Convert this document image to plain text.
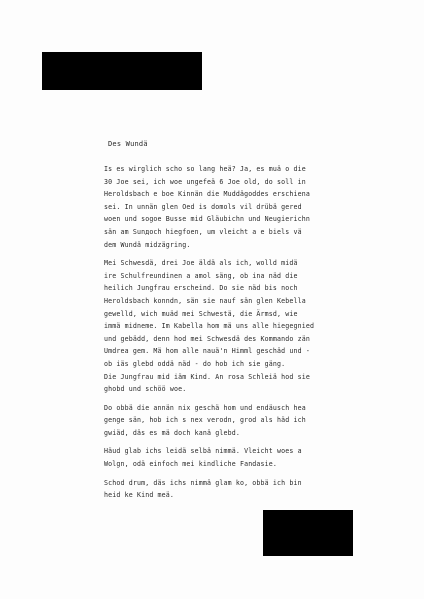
Des Wundä
Is es wirglich scho so lang heä? Ja, es muä o die
30 Joe sei, ich woe ungefeä 6 Joe old, do soll in
Heroldsbach e boe Kinnän die Muddägoddes erschiena
sei. In unnän glen Oed is domols vil drübä gered
woen und sogoe Busse mid Gläubichn und Neugierichn
sän am Sunдoch hiegfoen, um vleicht a e biels vä
dem Wundä midzägring.
Mei Schwesdä, drei Joe äldä als ich, wolld midä
ire Schulfreundinen a amol säng, ob ina näd die
heilich Jungfrau erscheind. Do sie näd bis noch
Heroldsbach konndn, sän sie nauf sän glen Kebella
gewelld, wich muäd mei Schwestä, die Ärmsd, wie
immä midneme. Im Kabella hom mä uns alle hiegegnied
und gebädd, denn hod mei Schwesdä des Kommando zän
Umdrea gem. Mä hom alle nauä'n Himml geschäd und -
ob iäs glebd oddä näd - do hob ich sie gäng.
Die Jungfrau mid iäm Kind. An rosa Schleiä hod sie
ghobd und schöö woe.
Do obbä die annän nix geschä hom und endäusch hea
genge sän, hob ich s nex verodn, grod als häd ich
gwiäd, däs es mä doch kanä glebd.
Häud glab ichs leidä selbä nimmä. Vleicht woes a
Wolgn, odä einfoch mei kindliche Fandasie.
Schod drum, däs ichs nimmä glam ko, obbä ich bin
heid ke Kind meä.
